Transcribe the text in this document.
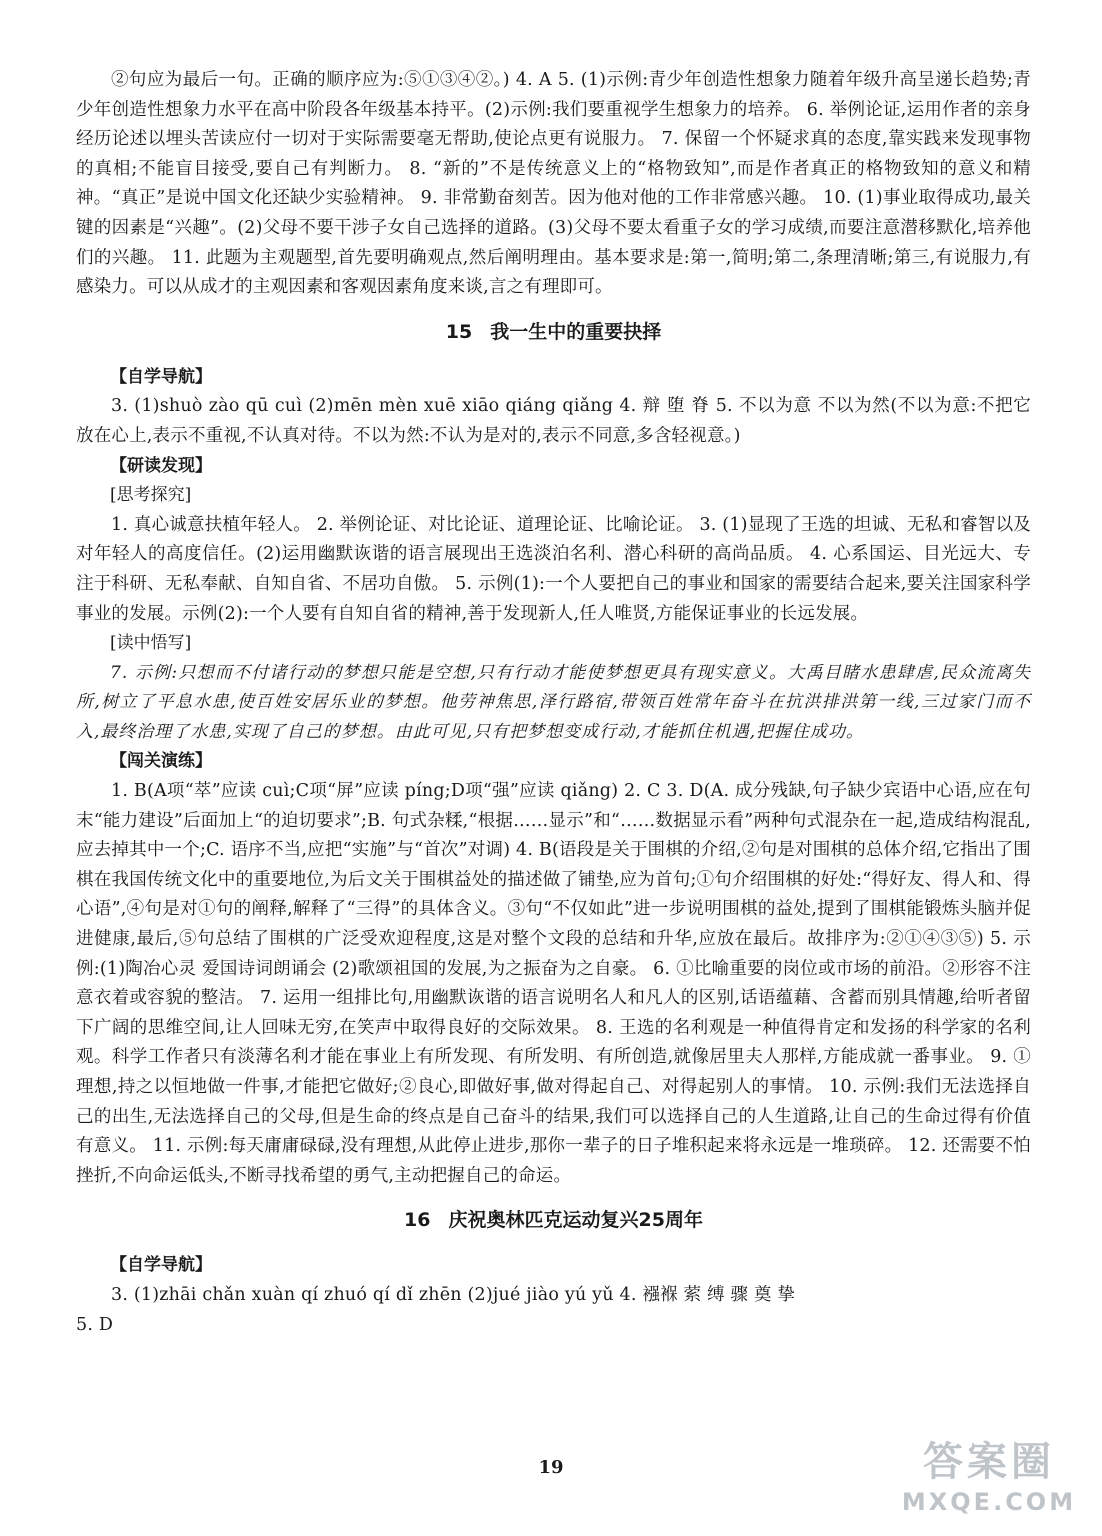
②句应为最后一句。正确的顺序应为:⑤①③④②。) 4. A 5. (1)示例:青少年创造性想象力随着年级升高呈递长趋势;青少年创造性想象力水平在高中阶段各年级基本持平。(2)示例:我们要重视学生想象力的培养。 6. 举例论证,运用作者的亲身经历论述以埋头苦读应付一切对于实际需要毫无帮助,使论点更有说服力。 7. 保留一个怀疑求真的态度,靠实践来发现事物的真相;不能盲目接受,要自己有判断力。 8. “新的”不是传统意义上的“格物致知”,而是作者真正的格物致知的意义和精神。“真正”是说中国文化还缺少实验精神。 9. 非常勤奋刻苦。因为他对他的工作非常感兴趣。 10. (1)事业取得成功,最关键的因素是“兴趣”。(2)父母不要干涉子女自己选择的道路。(3)父母不要太看重子女的学习成绩,而要注意潜移默化,培养他们的兴趣。 11. 此题为主观题型,首先要明确观点,然后阐明理由。基本要求是:第一,简明;第二,条理清晰;第三,有说服力,有感染力。可以从成才的主观因素和客观因素角度来谈,言之有理即可。

15 我一生中的重要抉择
【自学导航】

3. (1)shuò zào qū cuì (2)mēn mèn xuē xiāo qiáng qiǎng 4. 辩 堕 脊 5. 不以为意 不以为然(不以为意:不把它放在心上,表示不重视,不认真对待。不以为然:不认为是对的,表示不同意,多含轻视意。)

【研读发现】
[思考探究]

1. 真心诚意扶植年轻人。 2. 举例论证、对比论证、道理论证、比喻论证。 3. (1)显现了王选的坦诚、无私和睿智以及对年轻人的高度信任。(2)运用幽默诙谐的语言展现出王选淡泊名利、潜心科研的高尚品质。 4. 心系国运、目光远大、专注于科研、无私奉献、自知自省、不居功自傲。 5. 示例(1):一个人要把自己的事业和国家的需要结合起来,要关注国家科学事业的发展。示例(2):一个人要有自知自省的精神,善于发现新人,任人唯贤,方能保证事业的长远发展。

[读中悟写]

7. 示例:只想而不付诸行动的梦想只能是空想,只有行动才能使梦想更具有现实意义。大禹目睹水患肆虐,民众流离失所,树立了平息水患,使百姓安居乐业的梦想。他劳神焦思,泽行路宿,带领百姓常年奋斗在抗洪排洪第一线,三过家门而不入,最终治理了水患,实现了自己的梦想。由此可见,只有把梦想变成行动,才能抓住机遇,把握住成功。

【闯关演练】

1. B(A项“萃”应读 cuì;C项“屏”应读 píng;D项“强”应读 qiǎng) 2. C 3. D(A. 成分残缺,句子缺少宾语中心语,应在句末“能力建设”后面加上“的迫切要求”;B. 句式杂糅,“根据……显示”和“……数据显示看”两种句式混杂在一起,造成结构混乱,应去掉其中一个;C. 语序不当,应把“实施”与“首次”对调) 4. B(语段是关于围棋的介绍,②句是对围棋的总体介绍,它指出了围棋在我国传统文化中的重要地位,为后文关于围棋益处的描述做了铺垫,应为首句;①句介绍围棋的好处:“得好友、得人和、得心语”,④句是对①句的阐释,解释了“三得”的具体含义。③句“不仅如此”进一步说明围棋的益处,提到了围棋能锻炼头脑并促进健康,最后,⑤句总结了围棋的广泛受欢迎程度,这是对整个文段的总结和升华,应放在最后。故排序为:②①④③⑤) 5. 示例:(1)陶冶心灵 爱国诗词朗诵会 (2)歌颂祖国的发展,为之振奋为之自豪。 6. ①比喻重要的岗位或市场的前沿。②形容不注意衣着或容貌的整洁。 7. 运用一组排比句,用幽默诙谐的语言说明名人和凡人的区别,话语蕴藉、含蓄而别具情趣,给听者留下广阔的思维空间,让人回味无穷,在笑声中取得良好的交际效果。 8. 王选的名利观是一种值得肯定和发扬的科学家的名利观。科学工作者只有淡薄名利才能在事业上有所发现、有所发明、有所创造,就像居里夫人那样,方能成就一番事业。 9. ①理想,持之以恒地做一件事,才能把它做好;②良心,即做好事,做对得起自己、对得起别人的事情。 10. 示例:我们无法选择自己的出生,无法选择自己的父母,但是生命的终点是自己奋斗的结果,我们可以选择自己的人生道路,让自己的生命过得有价值有意义。 11. 示例:每天庸庸碌碌,没有理想,从此停止进步,那你一辈子的日子堆积起来将永远是一堆琐碎。 12. 还需要不怕挫折,不向命运低头,不断寻找希望的勇气,主动把握自己的命运。

16 庆祝奥林匹克运动复兴25周年
【自学导航】

3. (1)zhāi chǎn xuàn qí zhuó qí dǐ zhēn (2)jué jiào yú yǔ 4. 襁褓 萦 缚 骤 奠 挚

5. D

19	答案圈
MXQE.COM
